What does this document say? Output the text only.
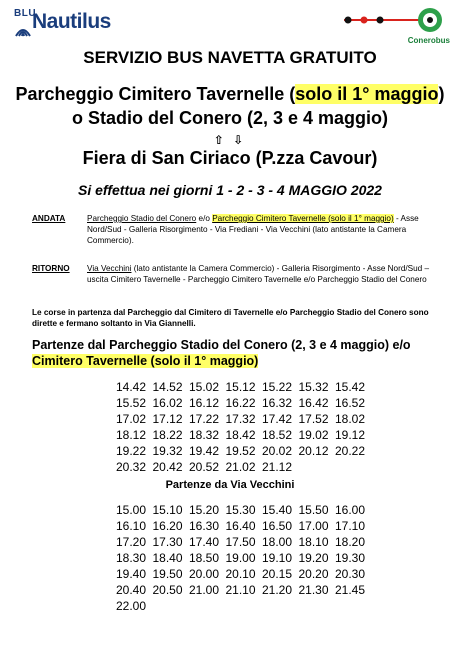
BLU
Nautilus
Conerobus
SERVIZIO BUS NAVETTA GRATUITO
Parcheggio Cimitero Tavernelle (solo il 1° maggio) o Stadio del Conero (2, 3 e 4 maggio)
⇧ ⇩
Fiera di San Ciriaco (P.zza Cavour)
Si effettua nei giorni 1 - 2 - 3 - 4 MAGGIO 2022
ANDATA	Parcheggio Stadio del Conero e/o Parcheggio Cimitero Tavernelle (solo il 1° maggio) - Asse Nord/Sud - Galleria Risorgimento - Via Frediani - Via Vecchini (lato antistante la Camera Commercio).
RITORNO Via Vecchini (lato antistante la Camera Commercio) - Galleria Risorgimento - Asse Nord/Sud – uscita Cimitero Tavernelle - Parcheggio Cimitero Tavernelle e/o Parcheggio Stadio del Conero
Le corse in partenza dal Parcheggio dal Cimitero di Tavernelle e/o Parcheggio Stadio del Conero sono dirette e fermano soltanto in Via Giannelli.
Partenze dal Parcheggio Stadio del Conero (2, 3 e 4 maggio) e/o Cimitero Tavernelle (solo il 1° maggio)
14.42 14.52 15.02 15.12 15.22 15.32 15.42
15.52 16.02 16.12 16.22 16.32 16.42 16.52
17.02 17.12 17.22 17.32 17.42 17.52 18.02
18.12 18.22 18.32 18.42 18.52 19.02 19.12
19.22 19.32 19.42 19.52 20.02 20.12 20.22
20.32 20.42 20.52 21.02 21.12
Partenze da Via Vecchini
15.00 15.10 15.20 15.30 15.40 15.50 16.00
16.10 16.20 16.30 16.40 16.50 17.00 17.10
17.20 17.30 17.40 17.50 18.00 18.10 18.20
18.30 18.40 18.50 19.00 19.10 19.20 19.30
19.40 19.50 20.00 20.10 20.15 20.20 20.30
20.40 20.50 21.00 21.10 21.20 21.30 21.45
22.00
